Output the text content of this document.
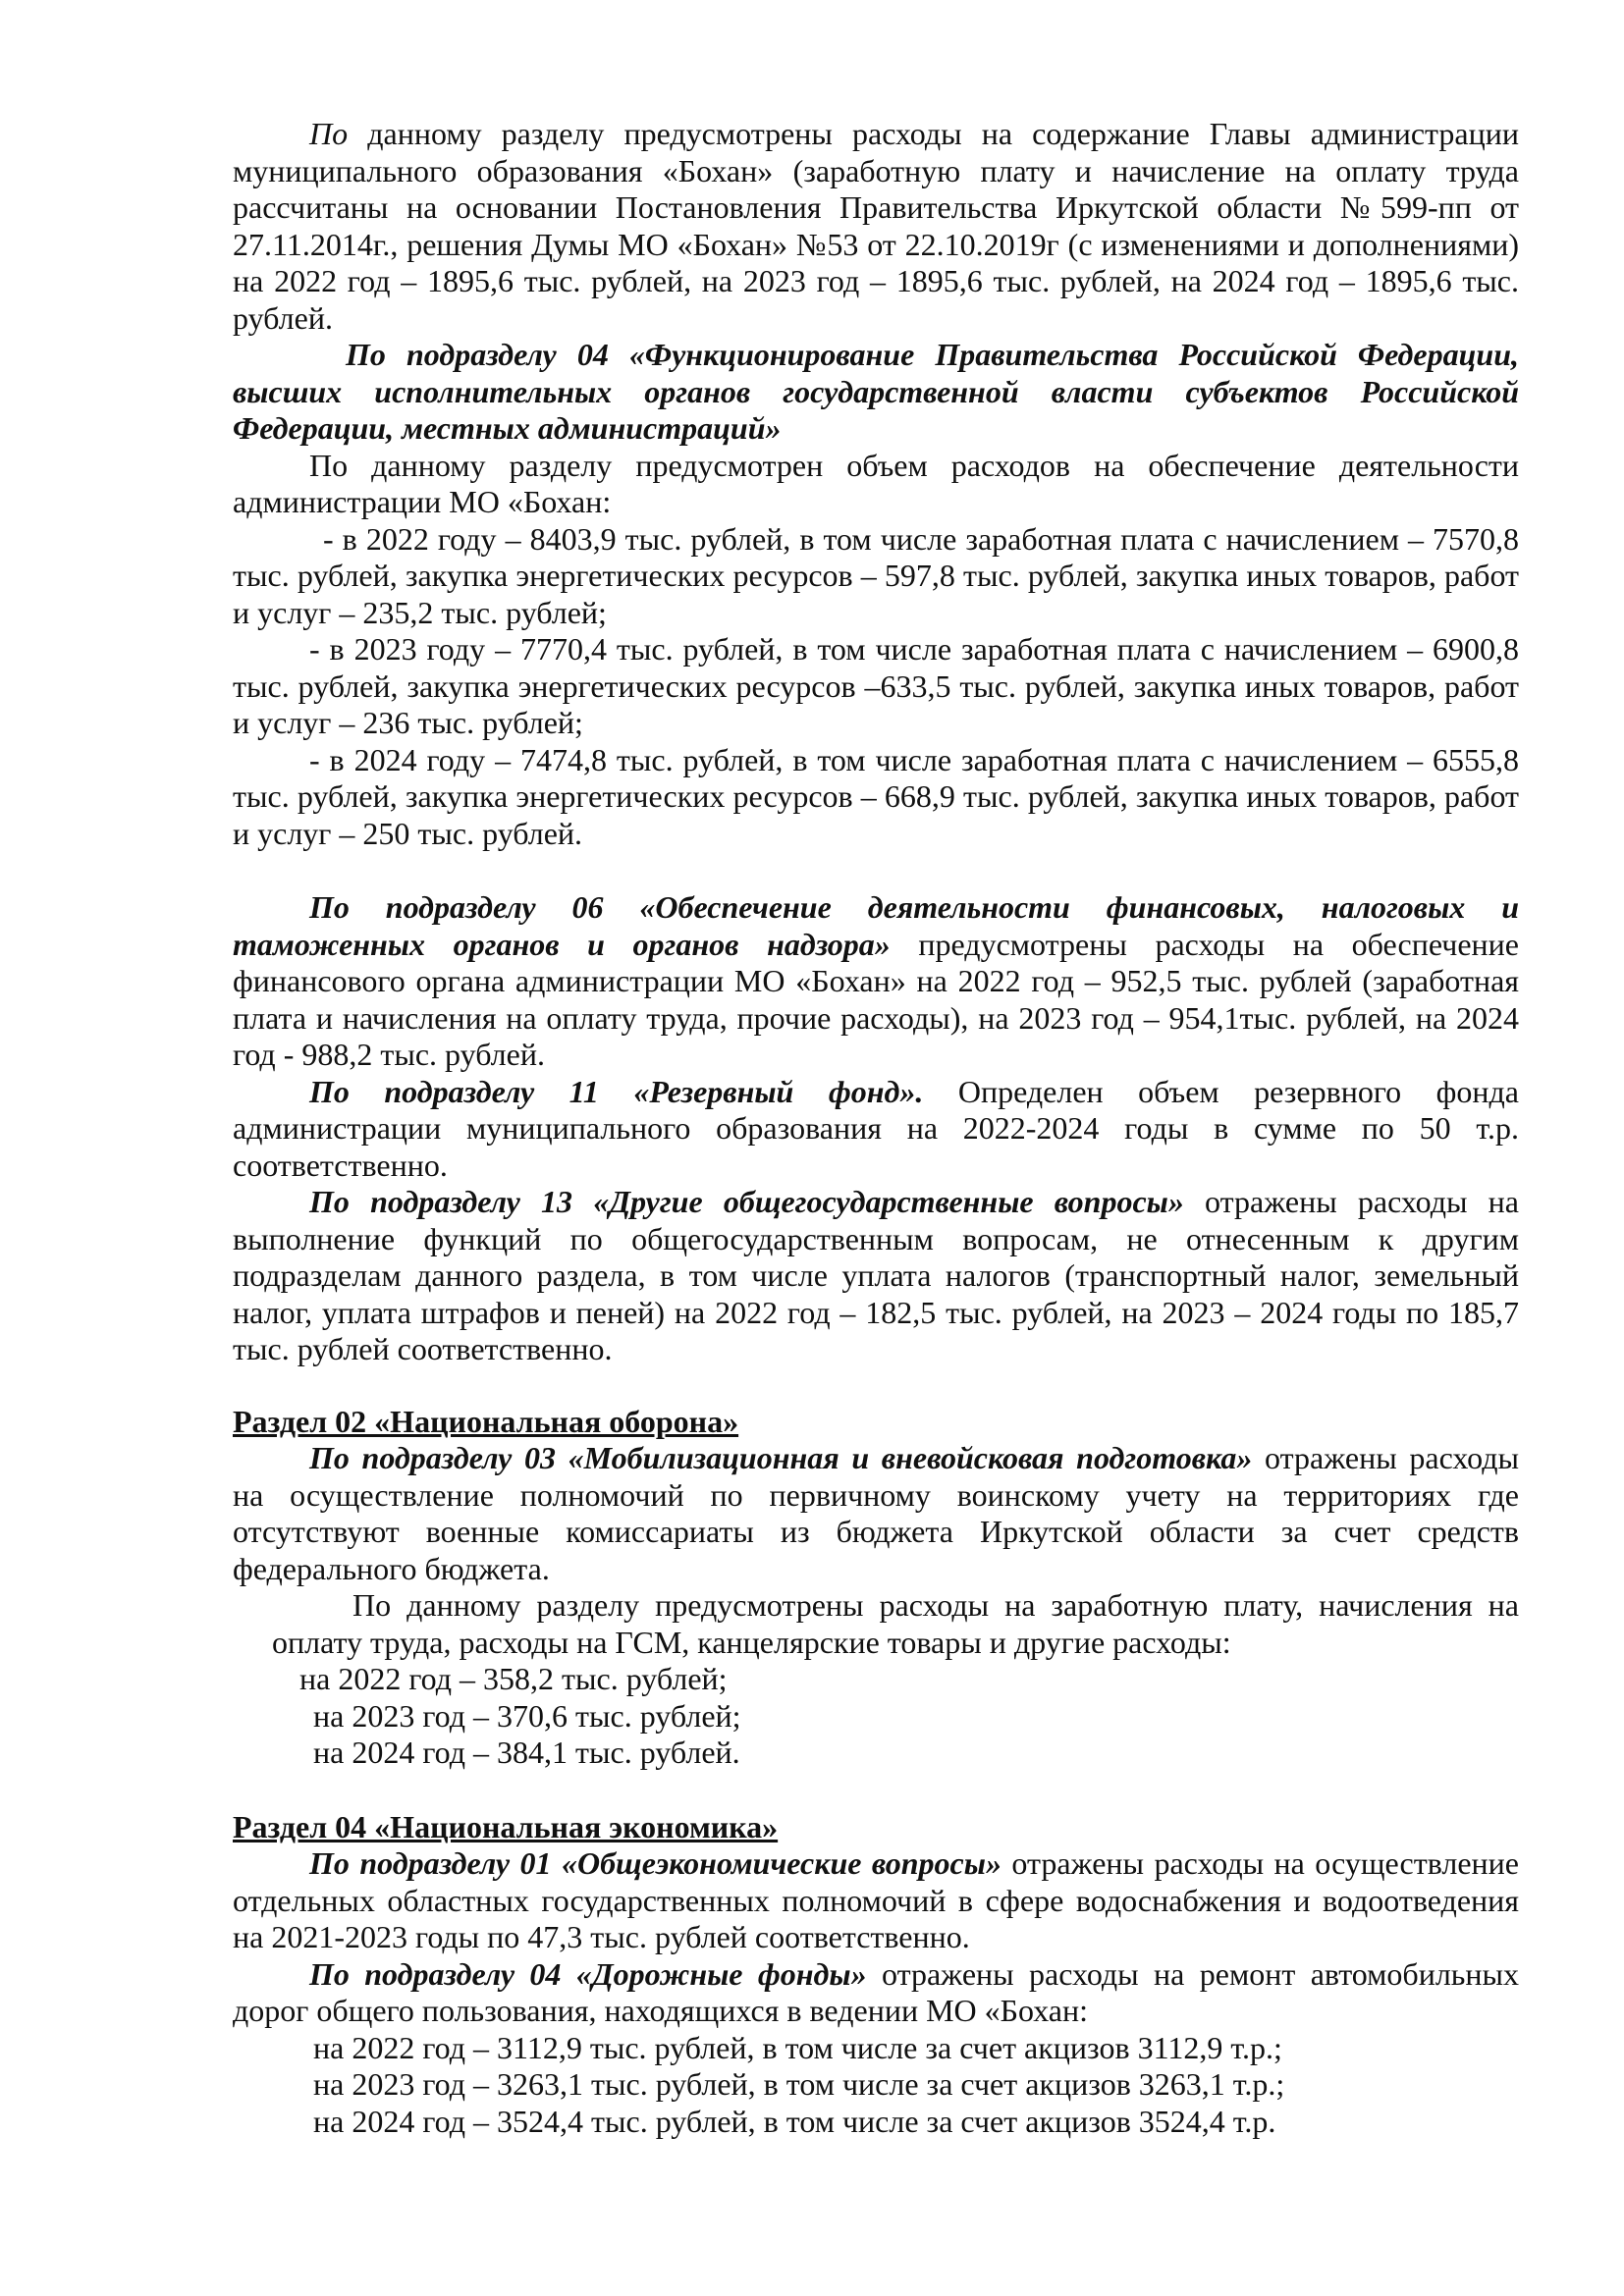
По данному разделу предусмотрены расходы на содержание Главы администрации муниципального образования «Бохан» (заработную плату и начисление на оплату труда рассчитаны на основании Постановления Правительства Иркутской области №599-пп от 27.11.2014г., решения Думы МО «Бохан» №53 от 22.10.2019г (с изменениями и дополнениями) на 2022 год – 1895,6 тыс. рублей, на 2023 год – 1895,6 тыс. рублей, на 2024 год – 1895,6 тыс. рублей.

По подразделу 04 «Функционирование Правительства Российской Федерации, высших исполнительных органов государственной власти субъектов Российской Федерации, местных администраций»

По данному разделу предусмотрен объем расходов на обеспечение деятельности администрации МО «Бохан:

- в 2022 году – 8403,9 тыс. рублей, в том числе заработная плата с начислением – 7570,8 тыс. рублей, закупка энергетических ресурсов – 597,8 тыс. рублей, закупка иных товаров, работ и услуг – 235,2 тыс. рублей;

- в 2023 году – 7770,4 тыс. рублей, в том числе заработная плата с начислением – 6900,8 тыс. рублей, закупка энергетических ресурсов –633,5 тыс. рублей, закупка иных товаров, работ и услуг – 236 тыс. рублей;

- в 2024 году – 7474,8 тыс. рублей, в том числе заработная плата с начислением – 6555,8 тыс. рублей, закупка энергетических ресурсов – 668,9 тыс. рублей, закупка иных товаров, работ и услуг – 250 тыс. рублей.

По подразделу 06 «Обеспечение деятельности финансовых, налоговых и таможенных органов и органов надзора» предусмотрены расходы на обеспечение финансового органа администрации МО «Бохан» на 2022 год – 952,5 тыс. рублей (заработная плата и начисления на оплату труда, прочие расходы), на 2023 год – 954,1тыс. рублей, на 2024 год - 988,2 тыс. рублей.

По подразделу 11 «Резервный фонд». Определен объем резервного фонда администрации муниципального образования на 2022-2024 годы в сумме по 50 т.р. соответственно.

По подразделу 13 «Другие общегосударственные вопросы» отражены расходы на выполнение функций по общегосударственным вопросам, не отнесенным к другим подразделам данного раздела, в том числе уплата налогов (транспортный налог, земельный налог, уплата штрафов и пеней) на 2022 год – 182,5 тыс. рублей, на 2023 – 2024 годы по 185,7 тыс. рублей соответственно.

Раздел 02 «Национальная оборона»

По подразделу 03 «Мобилизационная и вневойсковая подготовка» отражены расходы на осуществление полномочий по первичному воинскому учету на территориях где отсутствуют военные комиссариаты из бюджета Иркутской области за счет средств федерального бюджета.

По данному разделу предусмотрены расходы на заработную плату, начисления на оплату труда, расходы на ГСМ, канцелярские товары и другие расходы:

на 2022 год – 358,2 тыс. рублей;

на 2023 год – 370,6 тыс. рублей;

на 2024 год – 384,1 тыс. рублей.

Раздел 04 «Национальная экономика»

По подразделу 01 «Общеэкономические вопросы» отражены расходы на осуществление отдельных областных государственных полномочий в сфере водоснабжения и водоотведения на 2021-2023 годы по 47,3 тыс. рублей соответственно.

По подразделу 04 «Дорожные фонды» отражены расходы на ремонт автомобильных дорог общего пользования, находящихся в ведении МО «Бохан:

на 2022 год – 3112,9 тыс. рублей, в том числе за счет акцизов 3112,9 т.р.;

на 2023 год – 3263,1 тыс. рублей, в том числе за счет акцизов 3263,1 т.р.;

на 2024 год – 3524,4 тыс. рублей, в том числе за счет акцизов 3524,4 т.р.
